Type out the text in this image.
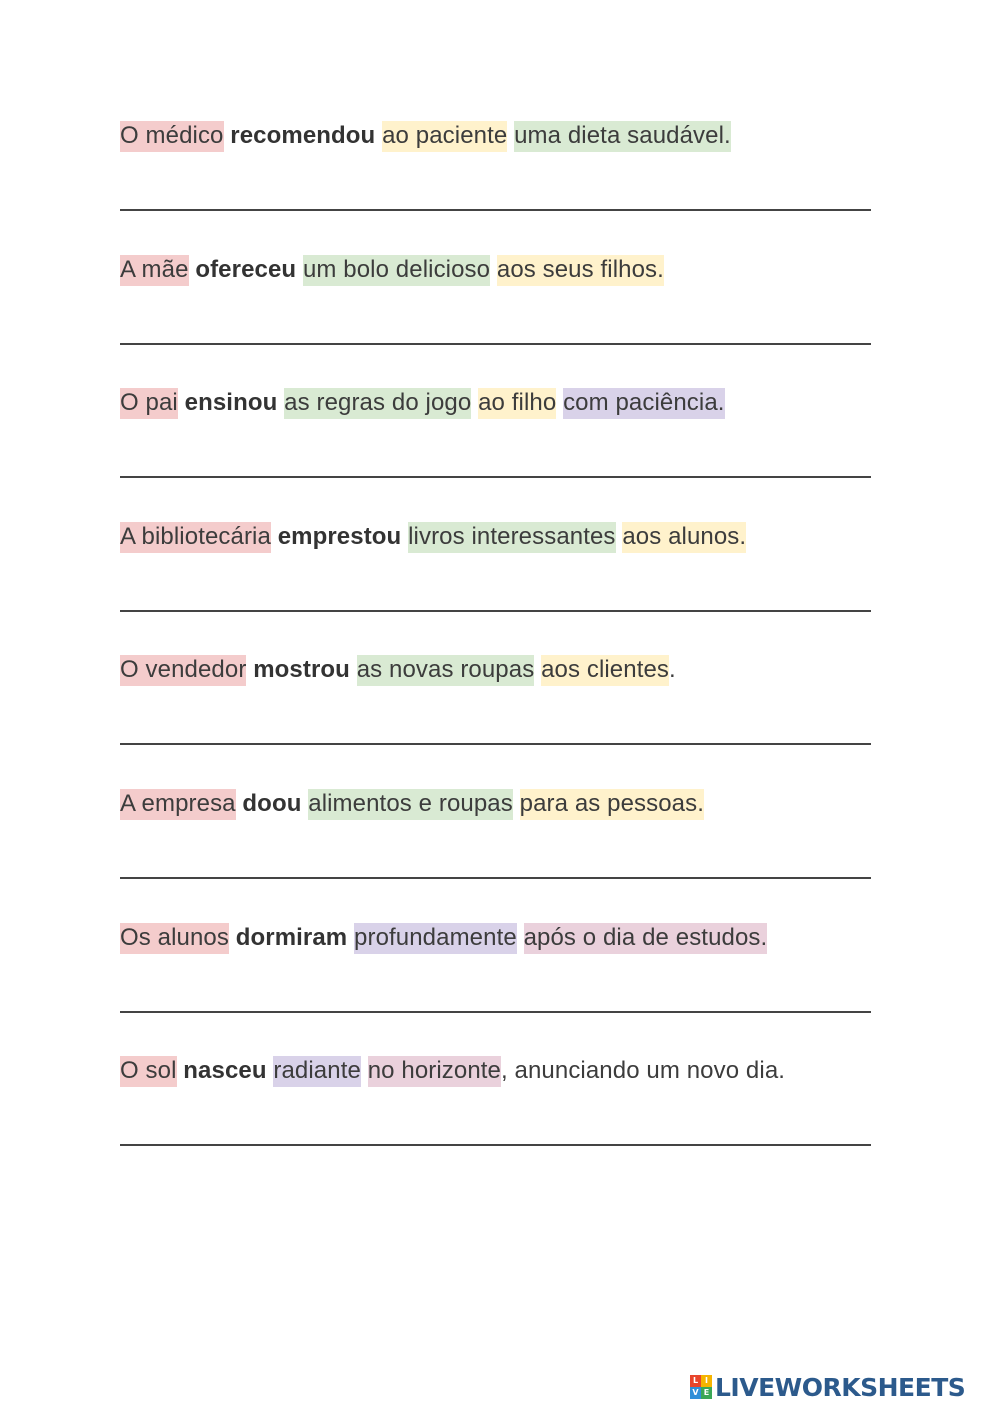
O médico recomendou ao paciente uma dieta saudável.
A mãe ofereceu um bolo delicioso aos seus filhos.
O pai ensinou as regras do jogo ao filho com paciência.
A bibliotecária emprestou livros interessantes aos alunos.
O vendedor mostrou as novas roupas aos clientes.
A empresa doou alimentos e roupas para as pessoas.
Os alunos dormiram profundamente após o dia de estudos.
O sol nasceu radiante no horizonte, anunciando um novo dia.
L I
V E LIVEWORKSHEETS
